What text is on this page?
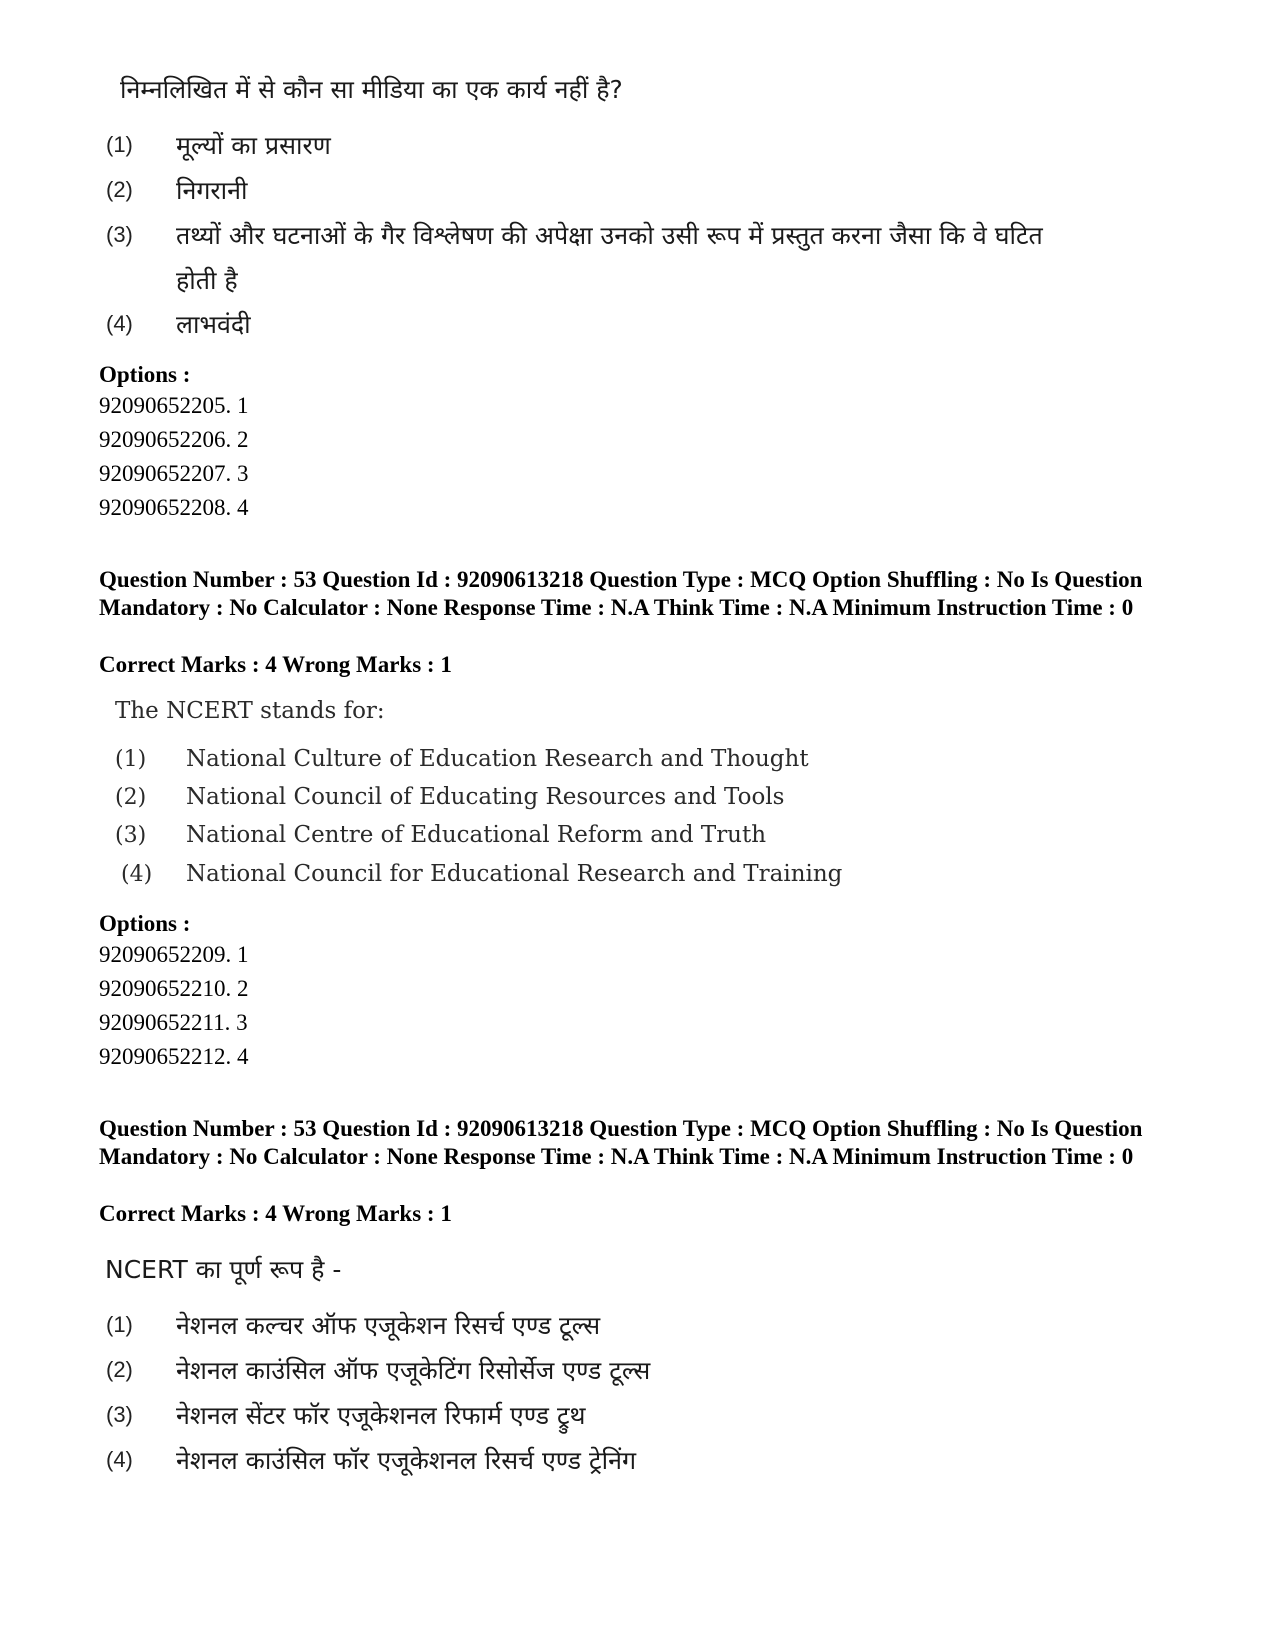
निम्नलिखित में से कौन सा मीडिया का एक कार्य नहीं है?
(1) मूल्यों का प्रसारण
(2) निगरानी
(3) तथ्यों और घटनाओं के गैर विश्लेषण की अपेक्षा उनको उसी रूप में प्रस्तुत करना जैसा कि वे घटित
होती है
(4) लाभवंदी
Options :
92090652205. 1
92090652206. 2
92090652207. 3
92090652208. 4
Question Number : 53 Question Id : 92090613218 Question Type : MCQ Option Shuffling : No Is Question Mandatory : No Calculator : None Response Time : N.A Think Time : N.A Minimum Instruction Time : 0
Correct Marks : 4 Wrong Marks : 1
The NCERT stands for:
(1) National Culture of Education Research and Thought
(2) National Council of Educating Resources and Tools
(3) National Centre of Educational Reform and Truth
(4) National Council for Educational Research and Training
Options :
92090652209. 1
92090652210. 2
92090652211. 3
92090652212. 4
Question Number : 53 Question Id : 92090613218 Question Type : MCQ Option Shuffling : No Is Question Mandatory : No Calculator : None Response Time : N.A Think Time : N.A Minimum Instruction Time : 0
Correct Marks : 4 Wrong Marks : 1
NCERT का पूर्ण रूप है -
(1) नेशनल कल्चर ऑफ एजूकेशन रिसर्च एण्ड टूल्स
(2) नेशनल काउंसिल ऑफ एजूकेटिंग रिसोर्सेज एण्ड टूल्स
(3) नेशनल सेंटर फॉर एजूकेशनल रिफार्म एण्ड ट्रुथ
(4) नेशनल काउंसिल फॉर एजूकेशनल रिसर्च एण्ड ट्रेनिंग
